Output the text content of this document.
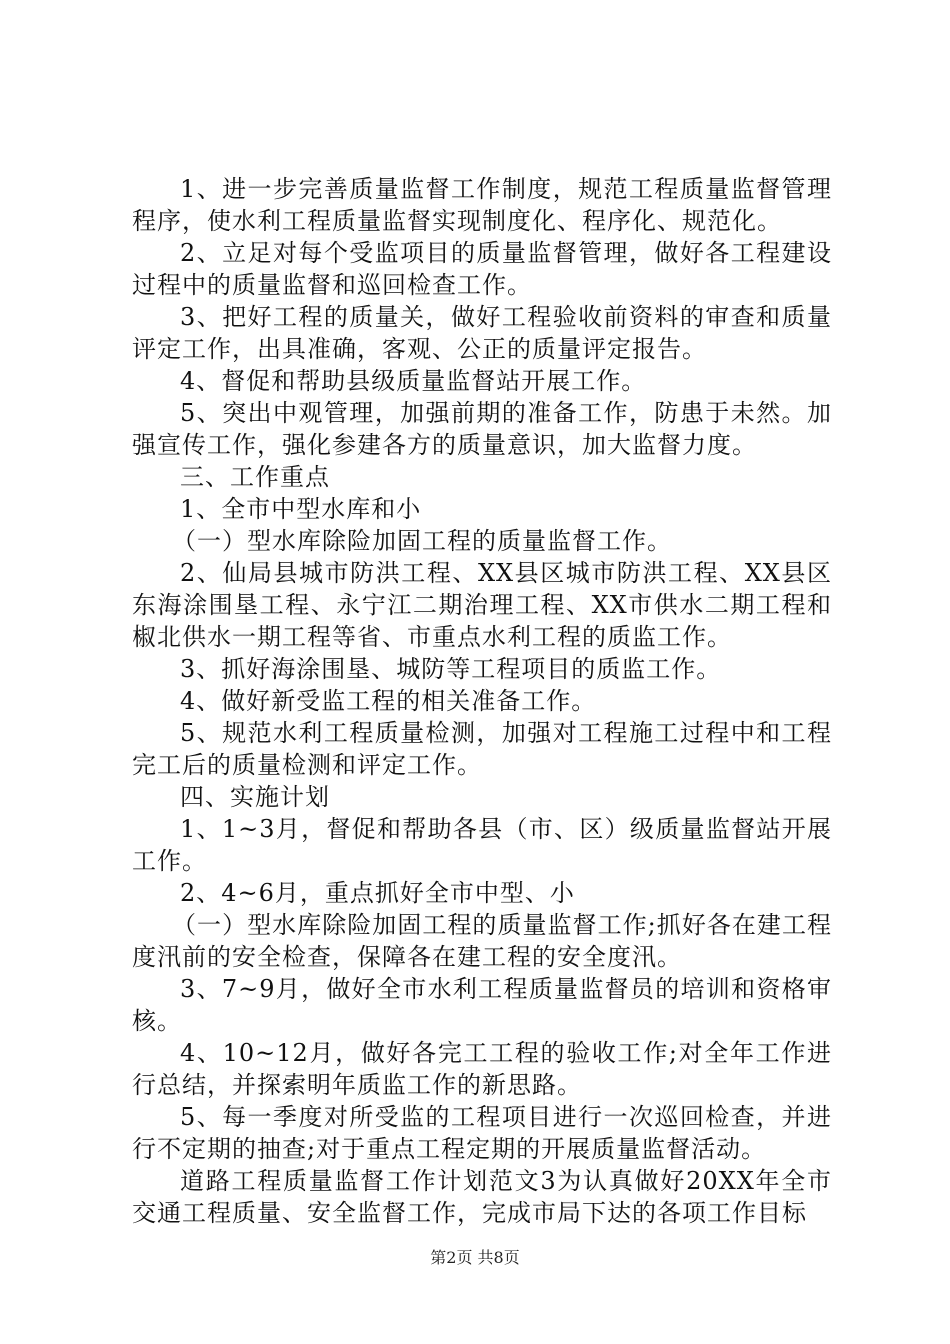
1、进一步完善质量监督工作制度，规范工程质量监督管理程序，使水利工程质量监督实现制度化、程序化、规范化。

2、立足对每个受监项目的质量监督管理，做好各工程建设过程中的质量监督和巡回检查工作。

3、把好工程的质量关，做好工程验收前资料的审查和质量评定工作，出具准确，客观、公正的质量评定报告。

4、督促和帮助县级质量监督站开展工作。

5、突出中观管理，加强前期的准备工作，防患于未然。加强宣传工作，强化参建各方的质量意识，加大监督力度。

三、工作重点

1、全市中型水库和小

（一）型水库除险加固工程的质量监督工作。

2、仙局县城市防洪工程、XX县区城市防洪工程、XX县区东海涂围垦工程、永宁江二期治理工程、XX市供水二期工程和椒北供水一期工程等省、市重点水利工程的质监工作。

3、抓好海涂围垦、城防等工程项目的质监工作。

4、做好新受监工程的相关准备工作。

5、规范水利工程质量检测，加强对工程施工过程中和工程完工后的质量检测和评定工作。

四、实施计划

1、1~3月，督促和帮助各县（市、区）级质量监督站开展工作。

2、4~6月，重点抓好全市中型、小

（一）型水库除险加固工程的质量监督工作;抓好各在建工程度汛前的安全检查，保障各在建工程的安全度汛。

3、7~9月，做好全市水利工程质量监督员的培训和资格审核。

4、10~12月，做好各完工工程的验收工作;对全年工作进行总结，并探索明年质监工作的新思路。

5、每一季度对所受监的工程项目进行一次巡回检查，并进行不定期的抽查;对于重点工程定期的开展质量监督活动。

道路工程质量监督工作计划范文3为认真做好20XX年全市交通工程质量、安全监督工作，完成市局下达的各项工作目标

第2页 共8页
